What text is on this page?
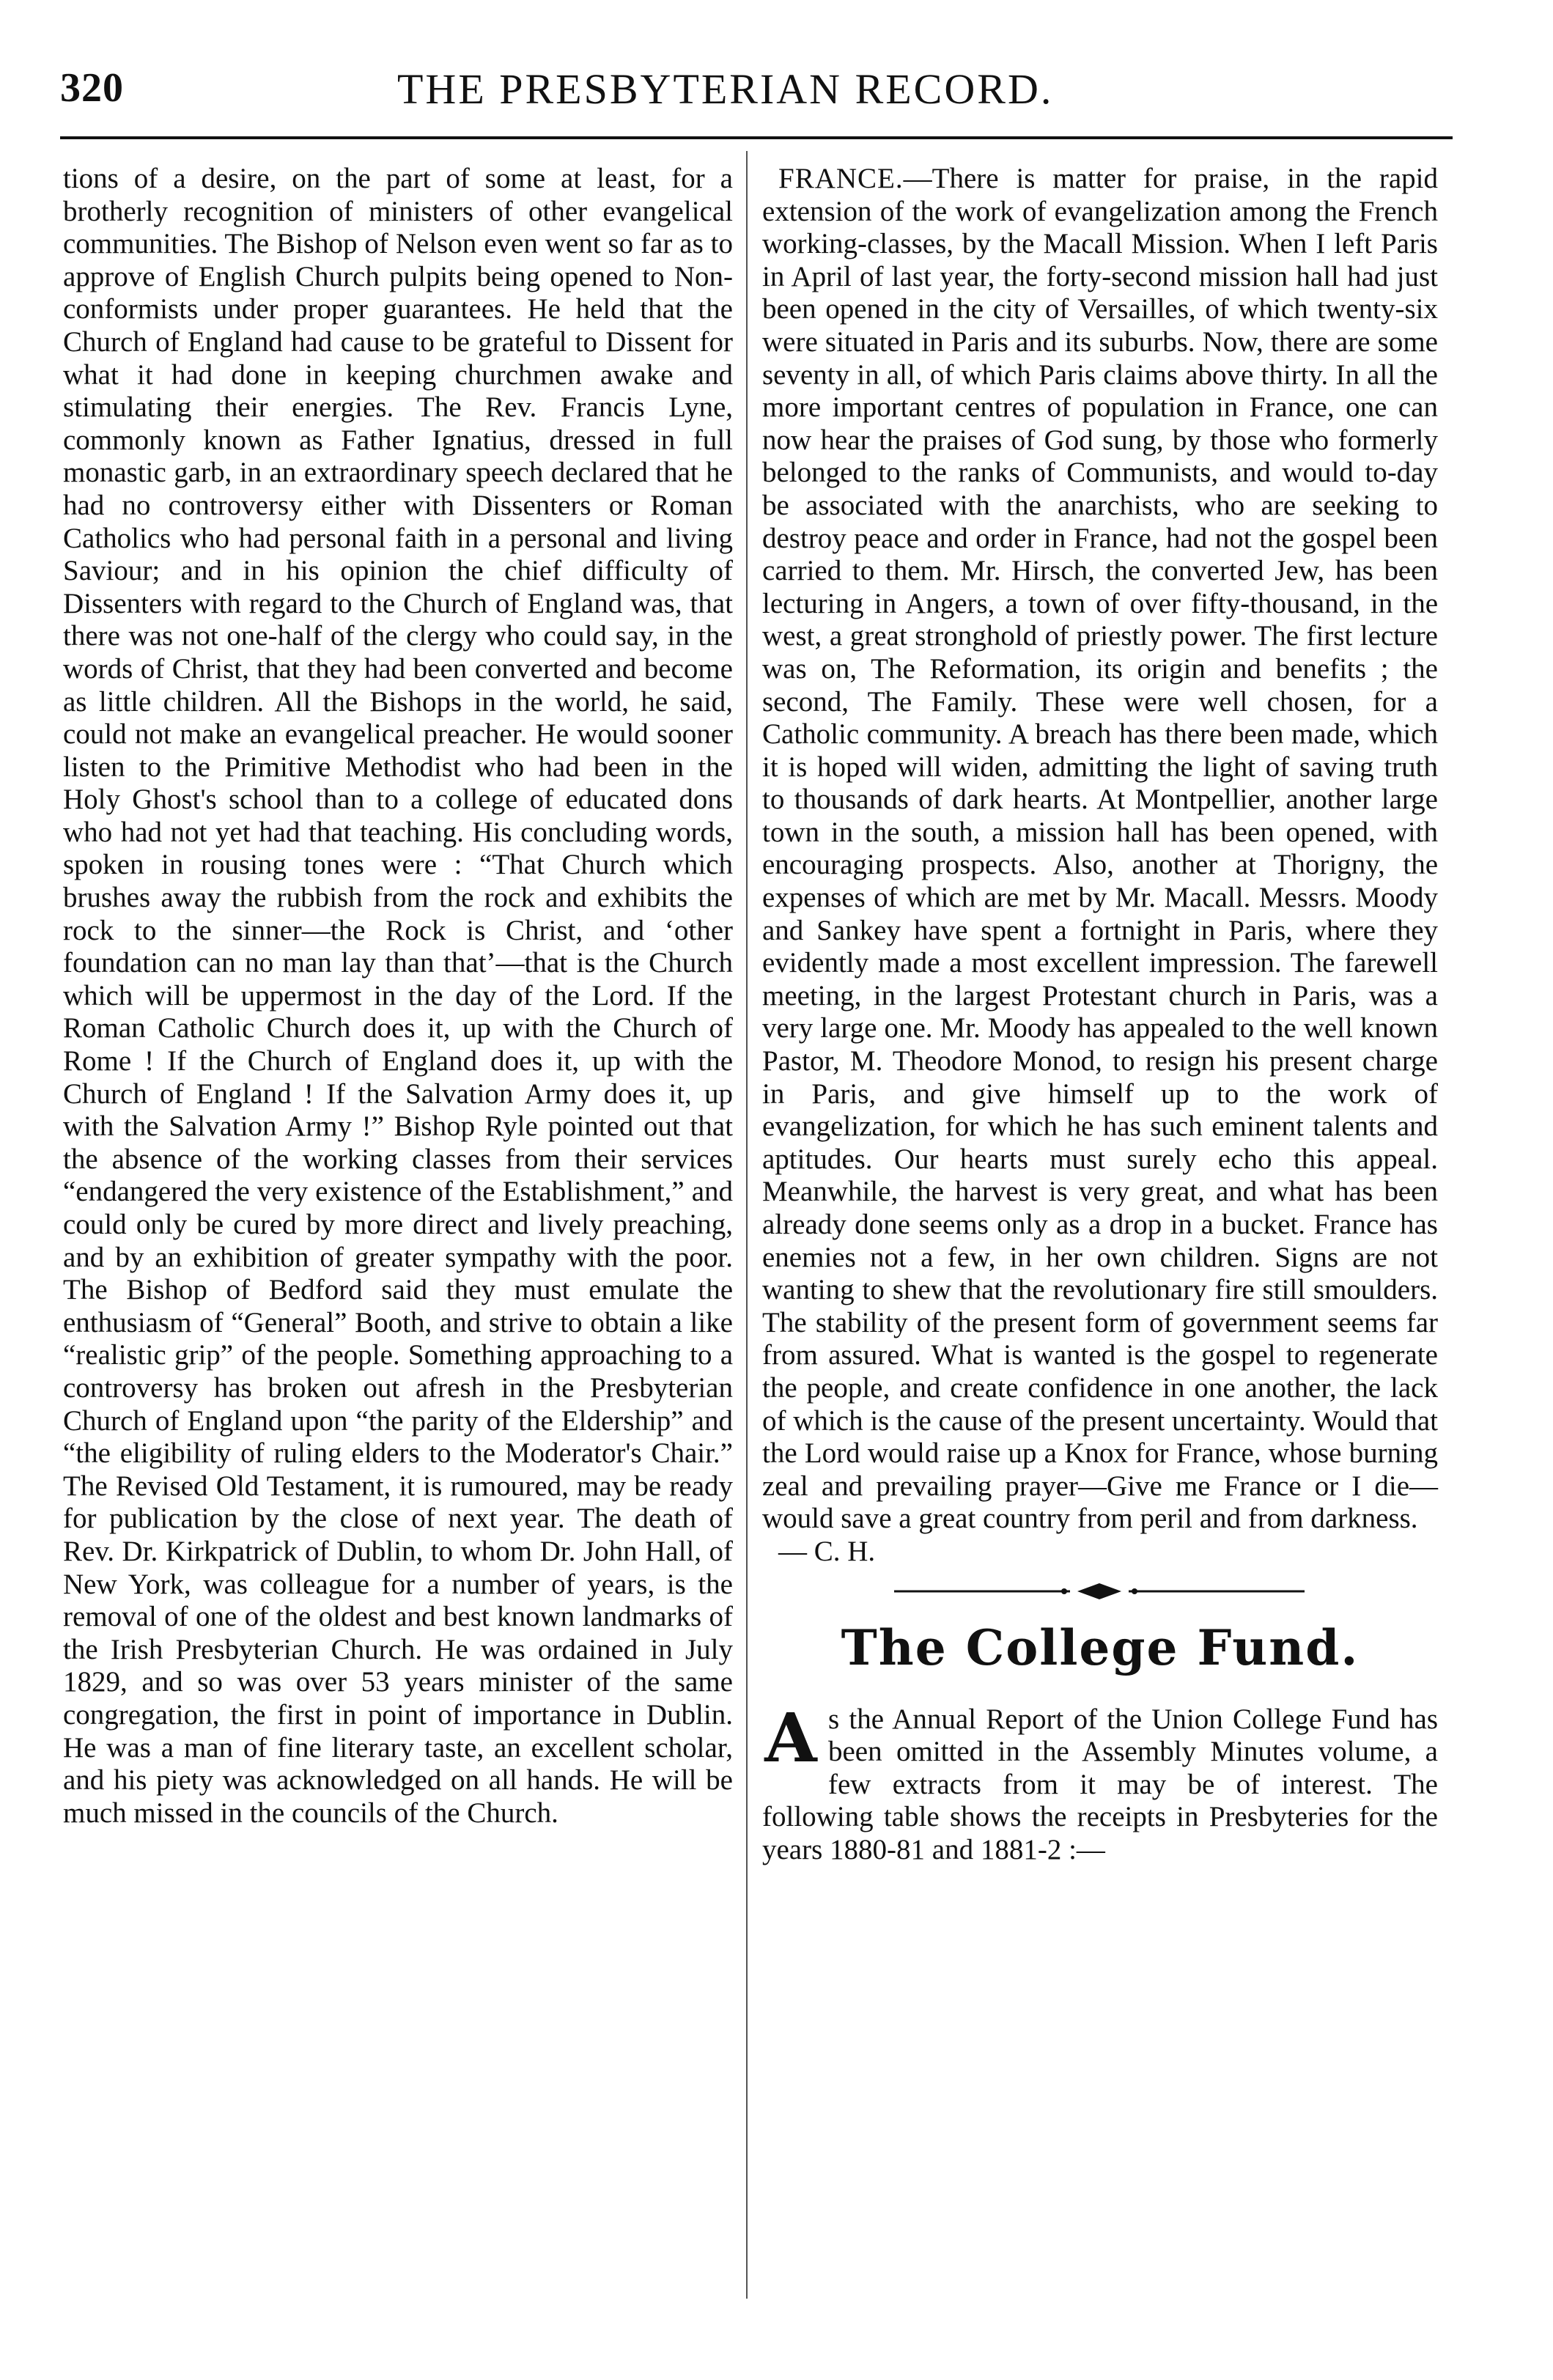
320	THE PRESBYTERIAN RECORD.

tions of a desire, on the part of some at least, for a brotherly recognition of ministers of other evangelical communities. The Bishop of Nelson even went so far as to approve of English Church pulpits being opened to Non-conformists under proper guarantees. He held that the Church of England had cause to be grateful to Dissent for what it had done in keeping churchmen awake and stimulating their energies. The Rev. Francis Lyne, commonly known as Father Ignatius, dressed in full monastic garb, in an extraordinary speech declared that he had no controversy either with Dissenters or Roman Catholics who had personal faith in a personal and living Saviour; and in his opinion the chief difficulty of Dissenters with regard to the Church of England was, that there was not one-half of the clergy who could say, in the words of Christ, that they had been converted and become as little children. All the Bishops in the world, he said, could not make an evangelical preacher. He would sooner listen to the Primitive Methodist who had been in the Holy Ghost's school than to a college of educated dons who had not yet had that teaching. His concluding words, spoken in rousing tones were : “That Church which brushes away the rubbish from the rock and exhibits the rock to the sinner—the Rock is Christ, and ‘other foundation can no man lay than that’—that is the Church which will be uppermost in the day of the Lord. If the Roman Catholic Church does it, up with the Church of Rome ! If the Church of England does it, up with the Church of England ! If the Salvation Army does it, up with the Salvation Army !” Bishop Ryle pointed out that the absence of the working classes from their services “endangered the very existence of the Establishment,” and could only be cured by more direct and lively preaching, and by an exhibition of greater sympathy with the poor. The Bishop of Bedford said they must emulate the enthusiasm of “General” Booth, and strive to obtain a like “realistic grip” of the people. Something approaching to a controversy has broken out afresh in the Presbyterian Church of England upon “the parity of the Eldership” and “the eligibility of ruling elders to the Moderator's Chair.” The Revised Old Testament, it is rumoured, may be ready for publication by the close of next year. The death of Rev. Dr. Kirkpatrick of Dublin, to whom Dr. John Hall, of New York, was colleague for a number of years, is the removal of one of the oldest and best known landmarks of the Irish Presbyterian Church. He was ordained in July 1829, and so was over 53 years minister of the same congregation, the first in point of importance in Dublin. He was a man of fine literary taste, an excellent scholar, and his piety was acknowledged on all hands. He will be much missed in the councils of the Church.

FRANCE.—There is matter for praise, in the rapid extension of the work of evangelization among the French working-classes, by the Macall Mission. When I left Paris in April of last year, the forty-second mission hall had just been opened in the city of Versailles, of which twenty-six were situated in Paris and its suburbs. Now, there are some seventy in all, of which Paris claims above thirty. In all the more important centres of population in France, one can now hear the praises of God sung, by those who formerly belonged to the ranks of Communists, and would to-day be associated with the anarchists, who are seeking to destroy peace and order in France, had not the gospel been carried to them. Mr. Hirsch, the converted Jew, has been lecturing in Angers, a town of over fifty-thousand, in the west, a great stronghold of priestly power. The first lecture was on, The Reformation, its origin and benefits ; the second, The Family. These were well chosen, for a Catholic community. A breach has there been made, which it is hoped will widen, admitting the light of saving truth to thousands of dark hearts. At Montpellier, another large town in the south, a mission hall has been opened, with encouraging prospects. Also, another at Thorigny, the expenses of which are met by Mr. Macall. Messrs. Moody and Sankey have spent a fortnight in Paris, where they evidently made a most excellent impression. The farewell meeting, in the largest Protestant church in Paris, was a very large one. Mr. Moody has appealed to the well known Pastor, M. Theodore Monod, to resign his present charge in Paris, and give himself up to the work of evangelization, for which he has such eminent talents and aptitudes. Our hearts must surely echo this appeal. Meanwhile, the harvest is very great, and what has been already done seems only as a drop in a bucket. France has enemies not a few, in her own children. Signs are not wanting to shew that the revolutionary fire still smoulders. The stability of the present form of government seems far from assured. What is wanted is the gospel to regenerate the people, and create confidence in one another, the lack of which is the cause of the present uncertainty. Would that the Lord would raise up a Knox for France, whose burning zeal and prevailing prayer—Give me France or I die—would save a great country from peril and from darkness.
— C. H.

The College Fund.

As the Annual Report of the Union College Fund has been omitted in the Assembly Minutes volume, a few extracts from it may be of interest. The following table shows the receipts in Presbyteries for the years 1880-81 and 1881-2 :—
